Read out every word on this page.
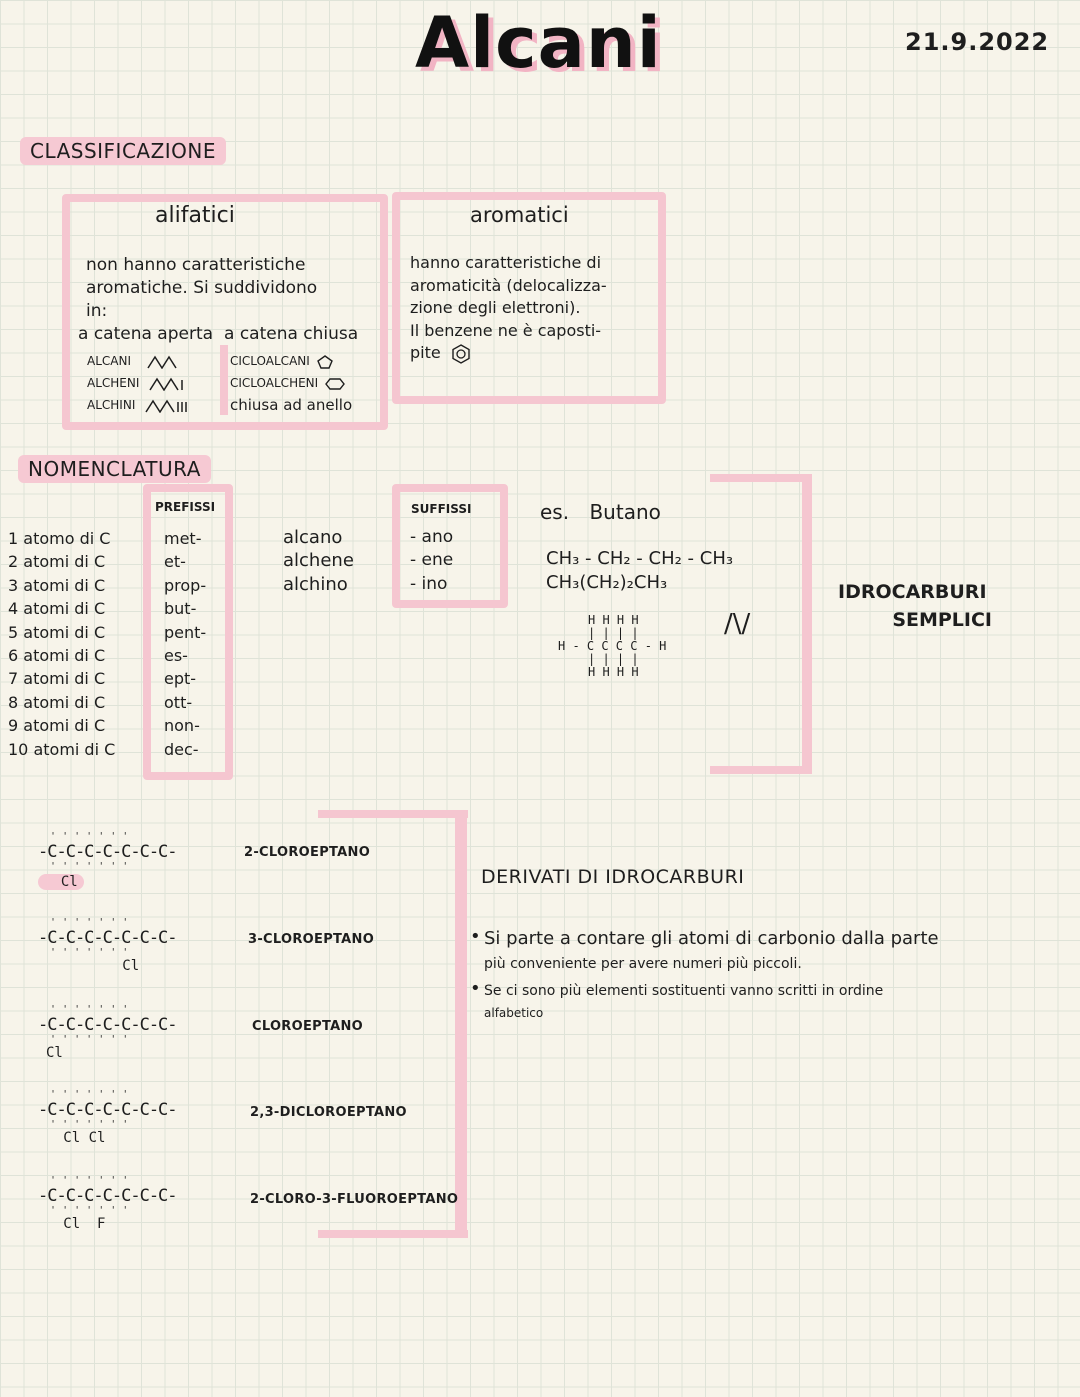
Alcani	21.9.2022
CLASSIFICAZIONE
alifatici
non hanno caratteristiche
aromatiche. Si suddividono
in:
a catena aperta a catena chiusa
ALCANI
ALCHENI
ALCHINI
CICLOALCANI
CICLOALCHENI
chiusa ad anello
aromatici
hanno caratteristiche di
aromaticità (delocalizza-
zione degli elettroni).
Il benzene ne è caposti-
pite
NOMENCLATURA
PREFISSI
1 atomo di C
2 atomi di C
3 atomi di C
4 atomi di C
5 atomi di C
6 atomi di C
7 atomi di C
8 atomi di C
9 atomi di C
10 atomi di C
met-
et-
prop-
but-
pent-
es-
ept-
ott-
non-
dec-
alcano
alchene
alchino
SUFFISSI
- ano
- ene
- ino
es. Butano
CH₃ - CH₂ - CH₂ - CH₃
CH₃(CH₂)₂CH₃
H H H H
| | | |
H - C C C C - H
| | | |
H H H H
/\/
IDROCARBURI
SEMPLICI
' ' ' ' ' ' '
-C-C-C-C-C-C-C-
' ' ' ' ' ' '
Cl
2-CLOROEPTANO
' ' ' ' ' ' '
-C-C-C-C-C-C-C-
' ' ' ' ' ' '
Cl
3-CLOROEPTANO
' ' ' ' ' ' '
-C-C-C-C-C-C-C-
' ' ' ' ' ' '
Cl
CLOROEPTANO
' ' ' ' ' ' '
-C-C-C-C-C-C-C-
' ' ' ' ' ' '
Cl Cl
2,3-DICLOROEPTANO
' ' ' ' ' ' '
-C-C-C-C-C-C-C-
' ' ' ' ' ' '
Cl  F
2-CLORO-3-FLUOROEPTANO
DERIVATI DI IDROCARBURI
• Si parte a contare gli atomi di carbonio dalla parte
più conveniente per avere numeri più piccoli.
• Se ci sono più elementi sostituenti vanno scritti in ordine
alfabetico
